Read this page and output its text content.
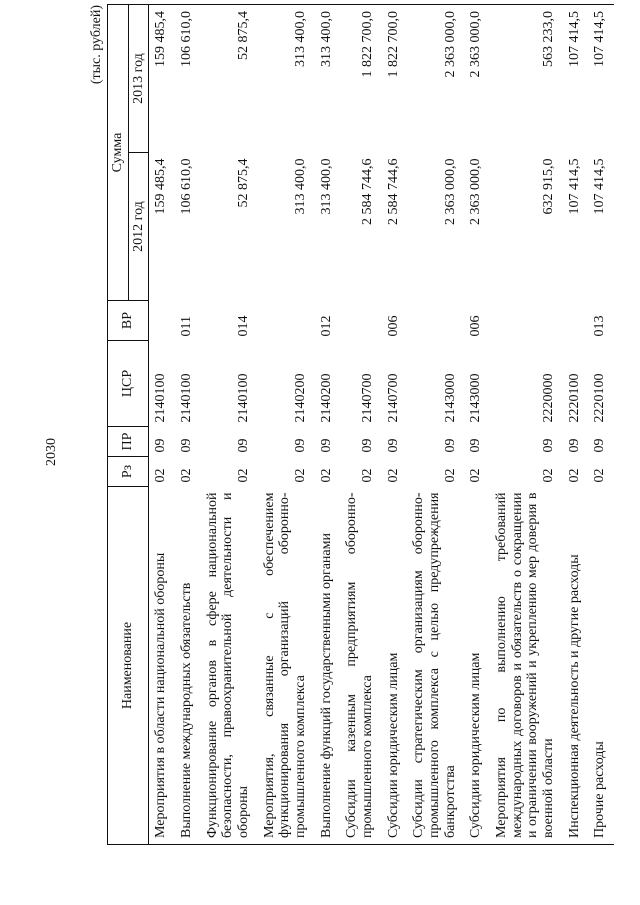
2030
(тыс. рублей)
Наименование	Рз	ПР	ЦСР	ВР	Сумма	
					2012 год	2013 год
Мероприятия в области национальной обороны	02	09	2140100		159 485,4	159 485,4
Выполнение международных обязательств	02	09	2140100	011	106 610,0	106 610,0
Функционирование органов в сфере национальной безопасности, правоохранительной деятельности и обороны	02	09	2140100	014	52 875,4	52 875,4
Мероприятия, связанные с обеспечением функционирования организаций оборонно-промышленного комплекса	02	09	2140200		313 400,0	313 400,0
Выполнение функций государственными органами	02	09	2140200	012	313 400,0	313 400,0
Субсидии казенным предприятиям оборонно-промышленного комплекса	02	09	2140700		2 584 744,6	1 822 700,0
Субсидии юридическим лицам	02	09	2140700	006	2 584 744,6	1 822 700,0
Субсидии стратегическим организациям оборонно-промышленного комплекса с целью предупреждения банкротства	02	09	2143000		2 363 000,0	2 363 000,0
Субсидии юридическим лицам	02	09	2143000	006	2 363 000,0	2 363 000,0
Мероприятия по выполнению требований международных договоров и обязательств о сокращении и ограничении вооружений и укреплению мер доверия в военной области	02	09	2220000		632 915,0	563 233,0
Инспекционная деятельность и другие расходы	02	09	2220100		107 414,5	107 414,5
Прочие расходы	02	09	2220100	013	107 414,5	107 414,5
